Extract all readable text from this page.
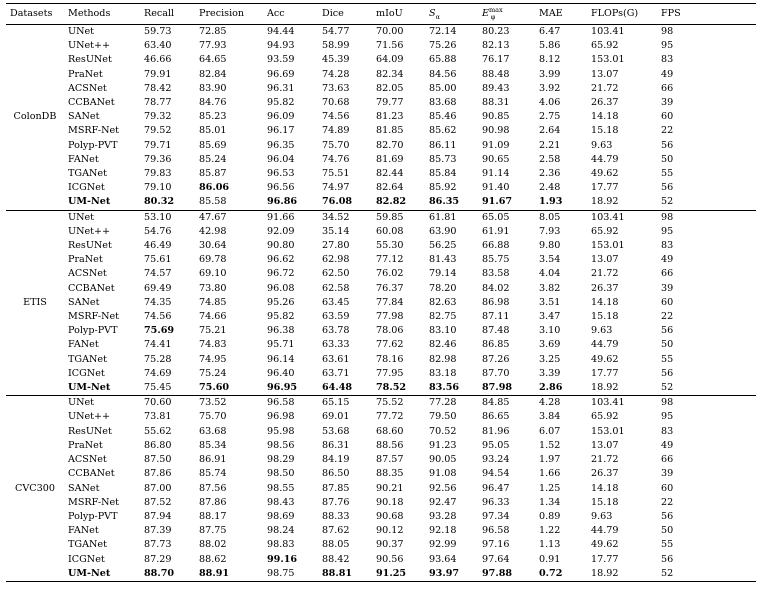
Datasets	Methods	Recall	Precision	Acc	Dice	mIoU	$S_\alpha$	$E^{max}_\varphi$	MAE	FLOPs(G)	FPS
ColonDB	UNet	59.73	72.85	94.44	54.77	70.00	72.14	80.23	6.47	103.41	98
	UNet++	63.40	77.93	94.93	58.99	71.56	75.26	82.13	5.86	65.92	95
	ResUNet	46.66	64.65	93.59	45.39	64.09	65.88	76.17	8.12	153.01	83
	PraNet	79.91	82.84	96.69	74.28	82.34	84.56	88.48	3.99	13.07	49
	ACSNet	78.42	83.90	96.31	73.63	82.05	85.00	89.43	3.92	21.72	66
	CCBANet	78.77	84.76	95.82	70.68	79.77	83.68	88.31	4.06	26.37	39
	SANet	79.32	85.23	96.09	74.56	81.23	85.46	90.85	2.75	14.18	60
	MSRF-Net	79.52	85.01	96.17	74.89	81.85	85.62	90.98	2.64	15.18	22
	Polyp-PVT	79.71	85.69	96.35	75.70	82.70	86.11	91.09	2.21	9.63	56
	FANet	79.36	85.24	96.04	74.76	81.69	85.73	90.65	2.58	44.79	50
	TGANet	79.83	85.87	96.53	75.51	82.44	85.84	91.14	2.36	49.62	55
	ICGNet	79.10	86.06	96.56	74.97	82.64	85.92	91.40	2.48	17.77	56
	UM-Net	80.32	85.58	96.86	76.08	82.82	86.35	91.67	1.93	18.92	52
ETIS	UNet	53.10	47.67	91.66	34.52	59.85	61.81	65.05	8.05	103.41	98
	UNet++	54.76	42.98	92.09	35.14	60.08	63.90	61.91	7.93	65.92	95
	ResUNet	46.49	30.64	90.80	27.80	55.30	56.25	66.88	9.80	153.01	83
	PraNet	75.61	69.78	96.62	62.98	77.12	81.43	85.75	3.54	13.07	49
	ACSNet	74.57	69.10	96.72	62.50	76.02	79.14	83.58	4.04	21.72	66
	CCBANet	69.49	73.80	96.08	62.58	76.37	78.20	84.02	3.82	26.37	39
	SANet	74.35	74.85	95.26	63.45	77.84	82.63	86.98	3.51	14.18	60
	MSRF-Net	74.56	74.66	95.82	63.59	77.98	82.75	87.11	3.47	15.18	22
	Polyp-PVT	75.69	75.21	96.38	63.78	78.06	83.10	87.48	3.10	9.63	56
	FANet	74.41	74.83	95.71	63.33	77.62	82.46	86.85	3.69	44.79	50
	TGANet	75.28	74.95	96.14	63.61	78.16	82.98	87.26	3.25	49.62	55
	ICGNet	74.69	75.24	96.40	63.71	77.95	83.18	87.70	3.39	17.77	56
	UM-Net	75.45	75.60	96.95	64.48	78.52	83.56	87.98	2.86	18.92	52
CVC300	UNet	70.60	73.52	96.58	65.15	75.52	77.28	84.85	4.28	103.41	98
	UNet++	73.81	75.70	96.98	69.01	77.72	79.50	86.65	3.84	65.92	95
	ResUNet	55.62	63.68	95.98	53.68	68.60	70.52	81.96	6.07	153.01	83
	PraNet	86.80	85.34	98.56	86.31	88.56	91.23	95.05	1.52	13.07	49
	ACSNet	87.50	86.91	98.29	84.19	87.57	90.05	93.24	1.97	21.72	66
	CCBANet	87.86	85.74	98.50	86.50	88.35	91.08	94.54	1.66	26.37	39
	SANet	87.00	87.56	98.55	87.85	90.21	92.56	96.47	1.25	14.18	60
	MSRF-Net	87.52	87.86	98.43	87.76	90.18	92.47	96.33	1.34	15.18	22
	Polyp-PVT	87.94	88.17	98.69	88.33	90.68	93.28	97.34	0.89	9.63	56
	FANet	87.39	87.75	98.24	87.62	90.12	92.18	96.58	1.22	44.79	50
	TGANet	87.73	88.02	98.83	88.05	90.37	92.99	97.16	1.13	49.62	55
	ICGNet	87.29	88.62	99.16	88.42	90.56	93.64	97.64	0.91	17.77	56
	UM-Net	88.70	88.91	98.75	88.81	91.25	93.97	97.88	0.72	18.92	52
